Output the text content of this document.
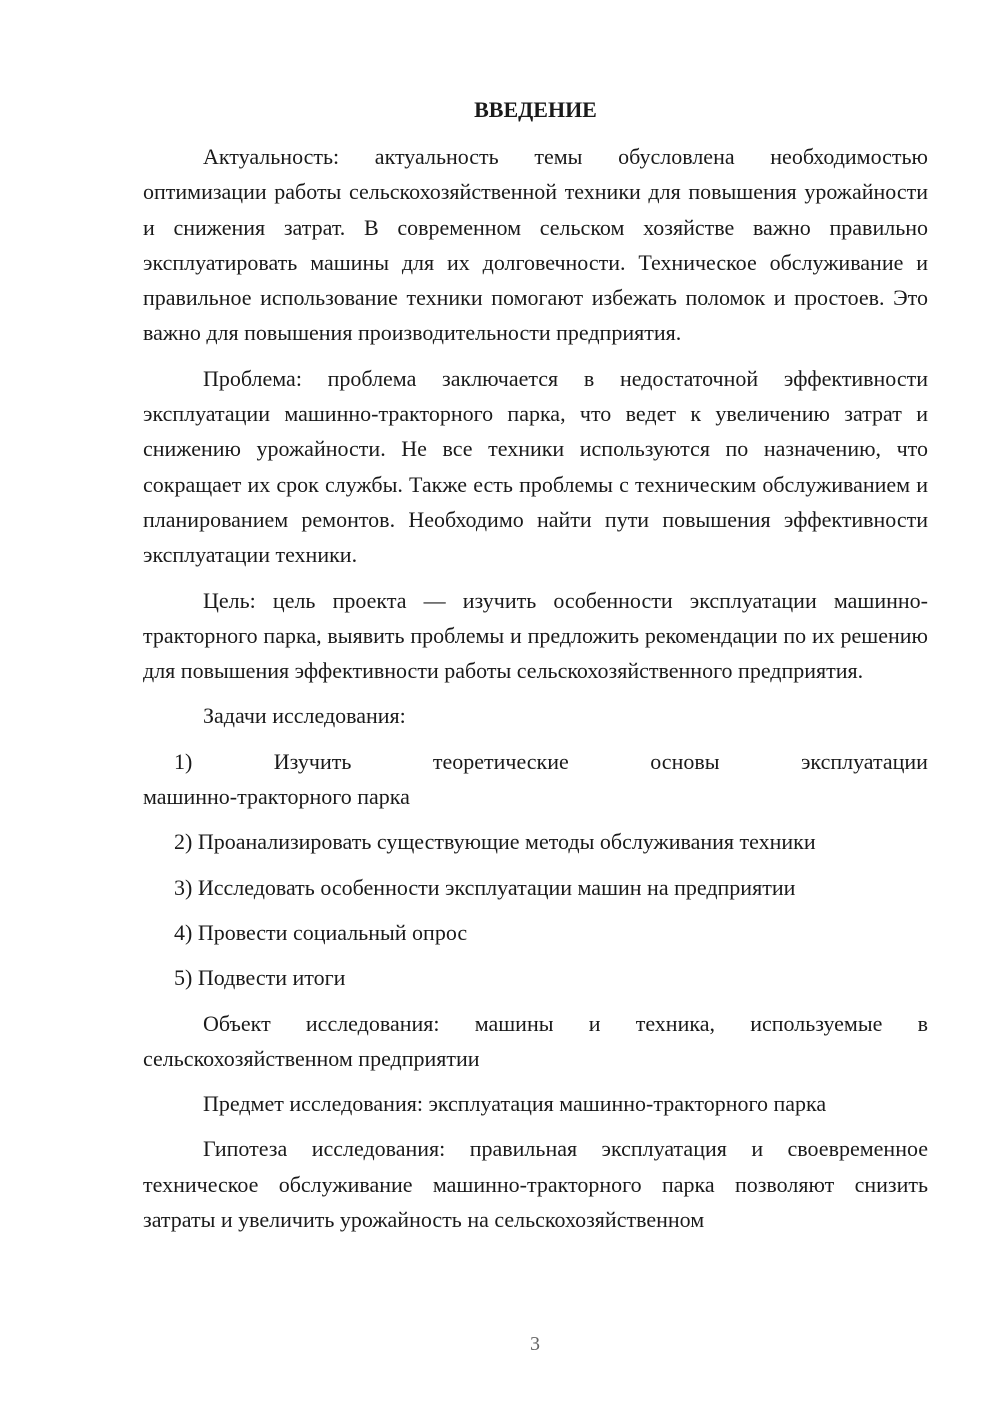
ВВЕДЕНИЕ

Актуальность: актуальность темы обусловлена необходимостью оптимизации работы сельскохозяйственной техники для повышения урожайности и снижения затрат. В современном сельском хозяйстве важно правильно эксплуатировать машины для их долговечности. Техническое обслуживание и правильное использование техники помогают избежать поломок и простоев. Это важно для повышения производительности предприятия.

Проблема: проблема заключается в недостаточной эффективности эксплуатации машинно-тракторного парка, что ведет к увеличению затрат и снижению урожайности. Не все техники используются по назначению, что сокращает их срок службы. Также есть проблемы с техническим обслуживанием и планированием ремонтов. Необходимо найти пути повышения эффективности эксплуатации техники.

Цель: цель проекта — изучить особенности эксплуатации машинно-тракторного парка, выявить проблемы и предложить рекомендации по их решению для повышения эффективности работы сельскохозяйственного предприятия.

Задачи исследования:

1)	Изучить	теоретические	основы	эксплуатации
машинно-тракторного парка

2) Проанализировать существующие методы обслуживания техники

3) Исследовать особенности эксплуатации машин на предприятии

4) Провести социальный опрос

5) Подвести итоги

Объект исследования: машины и техника, используемые в сельскохозяйственном предприятии

Предмет исследования: эксплуатация машинно-тракторного парка

Гипотеза исследования: правильная эксплуатация и своевременное техническое обслуживание машинно-тракторного парка позволяют снизить затраты и увеличить урожайность на сельскохозяйственном

3
